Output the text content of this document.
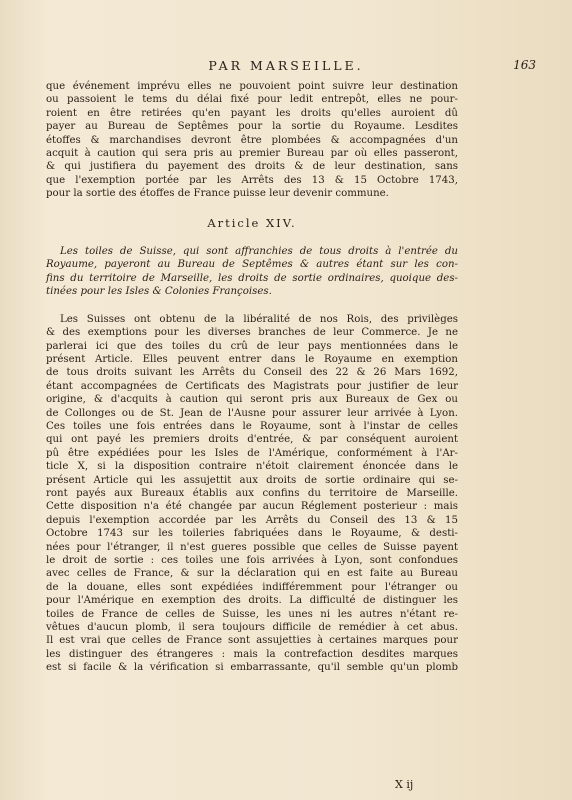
PAR MARSEILLE.	163
que événement imprévu elles ne pouvoient point suivre leur destination
ou passoient le tems du délai fixé pour ledit entrepôt, elles ne pour-
roient en être retirées qu'en payant les droits qu'elles auroient dû
payer au Bureau de Septêmes pour la sortie du Royaume. Lesdites
étoffes & marchandises devront être plombées & accompagnées d'un
acquit à caution qui sera pris au premier Bureau par où elles passeront,
& qui justifiera du payement des droits & de leur destination, sans
que l'exemption portée par les Arrêts des 13 & 15 Octobre 1743,
pour la sortie des étoffes de France puisse leur devenir commune.
Article XIV.
Les toiles de Suisse, qui sont affranchies de tous droits à l'entrée du
Royaume, payeront au Bureau de Septêmes & autres étant sur les con-
fins du territoire de Marseille, les droits de sortie ordinaires, quoique des-
tinées pour les Isles & Colonies Françoises.
Les Suisses ont obtenu de la libéralité de nos Rois, des privilèges
& des exemptions pour les diverses branches de leur Commerce. Je ne
parlerai ici que des toiles du crû de leur pays mentionnées dans le
présent Article. Elles peuvent entrer dans le Royaume en exemption
de tous droits suivant les Arrêts du Conseil des 22 & 26 Mars 1692,
étant accompagnées de Certificats des Magistrats pour justifier de leur
origine, & d'acquits à caution qui seront pris aux Bureaux de Gex ou
de Collonges ou de St. Jean de l'Ausne pour assurer leur arrivée à Lyon.
Ces toiles une fois entrées dans le Royaume, sont à l'instar de celles
qui ont payé les premiers droits d'entrée, & par conséquent auroient
pû être expédiées pour les Isles de l'Amérique, conformément à l'Ar-
ticle X, si la disposition contraire n'étoit clairement énoncée dans le
présent Article qui les assujettit aux droits de sortie ordinaire qui se-
ront payés aux Bureaux établis aux confins du territoire de Marseille.
Cette disposition n'a été changée par aucun Réglement posterieur : mais
depuis l'exemption accordée par les Arrêts du Conseil des 13 & 15
Octobre 1743 sur les toileries fabriquées dans le Royaume, & desti-
nées pour l'étranger, il n'est gueres possible que celles de Suisse payent
le droit de sortie : ces toiles une fois arrivées à Lyon, sont confondues
avec celles de France, & sur la déclaration qui en est faite au Bureau
de la douane, elles sont expédiées indifféremment pour l'étranger ou
pour l'Amérique en exemption des droits. La difficulté de distinguer les
toiles de France de celles de Suisse, les unes ni les autres n'étant re-
vêtues d'aucun plomb, il sera toujours difficile de remédier à cet abus.
Il est vrai que celles de France sont assujetties à certaines marques pour
les distinguer des étrangeres : mais la contrefaction desdites marques
est si facile & la vérification si embarrassante, qu'il semble qu'un plomb
X ij
